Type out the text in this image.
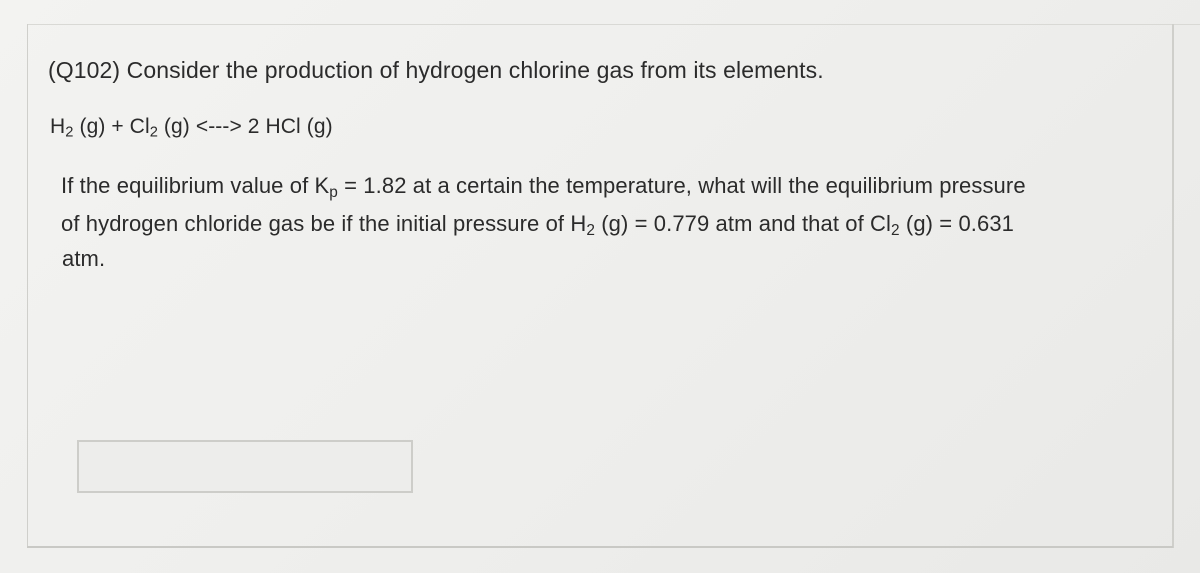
(Q102) Consider the production of hydrogen chlorine gas from its elements.
$H_2$ $(g) + Cl_2$ (g) <---> 2 HCl (g)
If the equilibrium value of $K_p = 1.82$ at a certain the temperature, what will the equilibrium pressure
of hydrogen chloride gas be if the initial pressure of $H_2$ (g) = 0.779 atm and that of $Cl_2$ (g) = 0.631
atm.
